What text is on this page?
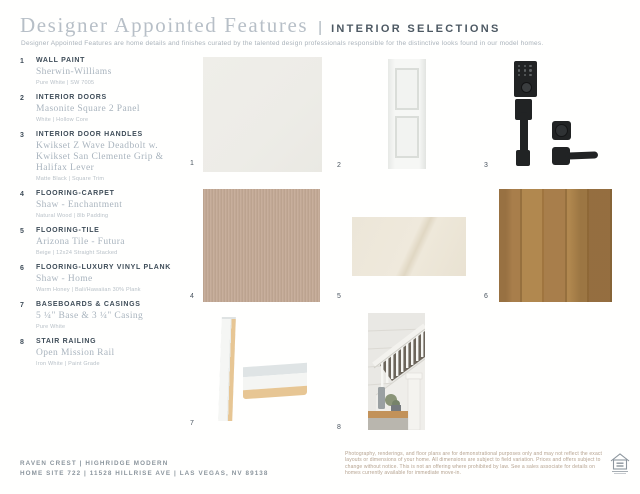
Designer Appointed Features | INTERIOR SELECTIONS
Designer Appointed Features are home details and finishes curated by the talented design professionals responsible for the distinctive looks found in our model homes.
1	WALL PAINT
Sherwin-Williams
Pure White | SW 7005
2	INTERIOR DOORS
Masonite Square 2 Panel
White | Hollow Core
3	INTERIOR DOOR HANDLES
Kwikset Z Wave Deadbolt w. Kwikset San Clemente Grip & Halifax Lever
Matte Black | Square Trim
4	FLOORING-CARPET
Shaw - Enchantment
Natural Wood | 8lb Padding
5	FLOORING-TILE
Arizona Tile - Futura
Beige | 12x24 Straight Stacked
6	FLOORING-LUXURY VINYL PLANK
Shaw - Home
Warm Honey | Bali/Hawaiian 30% Plank
7	BASEBOARDS & CASINGS
5 ¼" Base & 3 ¼" Casing
Pure White
8	STAIR RAILING
Open Mission Rail
Iron White | Paint Grade
1	2	3
4	5	6
7
8
RAVEN CREST | HIGHRIDGE MODERN
HOME SITE 722 | 11528 HILLRISE AVE | LAS VEGAS, NV 89138
Photography, renderings, and floor plans are for demonstrational purposes only and may not reflect the exact layouts or dimensions of your home. All dimensions are subject to field variation. Prices and offers subject to change without notice. This is not an offering where prohibited by law. See a sales associate for details on homes currently available for immediate move-in.
